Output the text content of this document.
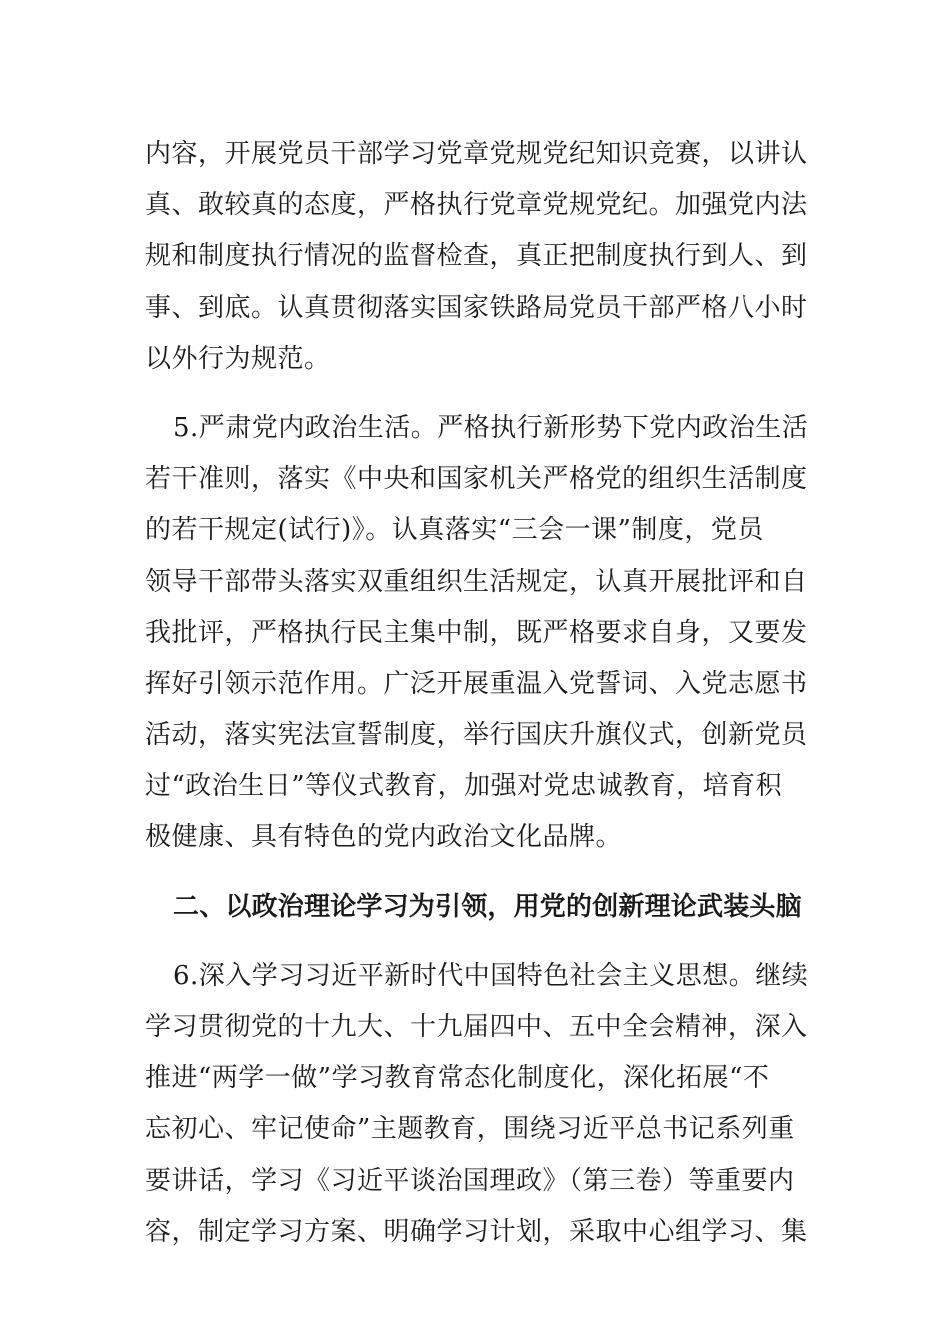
内容，开展党员干部学习党章党规党纪知识竞赛，以讲认
真、敢较真的态度，严格执行党章党规党纪。加强党内法
规和制度执行情况的监督检查，真正把制度执行到人、到
事、到底。认真贯彻落实国家铁路局党员干部严格八小时
以外行为规范。
5.严肃党内政治生活。严格执行新形势下党内政治生活
若干准则，落实《中央和国家机关严格党的组织生活制度
的若干规定(试行)》。认真落实“三会一课”制度，党员
领导干部带头落实双重组织生活规定，认真开展批评和自
我批评，严格执行民主集中制，既严格要求自身，又要发
挥好引领示范作用。广泛开展重温入党誓词、入党志愿书
活动，落实宪法宣誓制度，举行国庆升旗仪式，创新党员
过“政治生日”等仪式教育，加强对党忠诚教育，培育积
极健康、具有特色的党内政治文化品牌。
二、以政治理论学习为引领，用党的创新理论武装头脑
6.深入学习习近平新时代中国特色社会主义思想。继续
学习贯彻党的十九大、十九届四中、五中全会精神，深入
推进“两学一做”学习教育常态化制度化，深化拓展“不
忘初心、牢记使命”主题教育，围绕习近平总书记系列重
要讲话，学习《习近平谈治国理政》（第三卷）等重要内
容，制定学习方案、明确学习计划，采取中心组学习、集
